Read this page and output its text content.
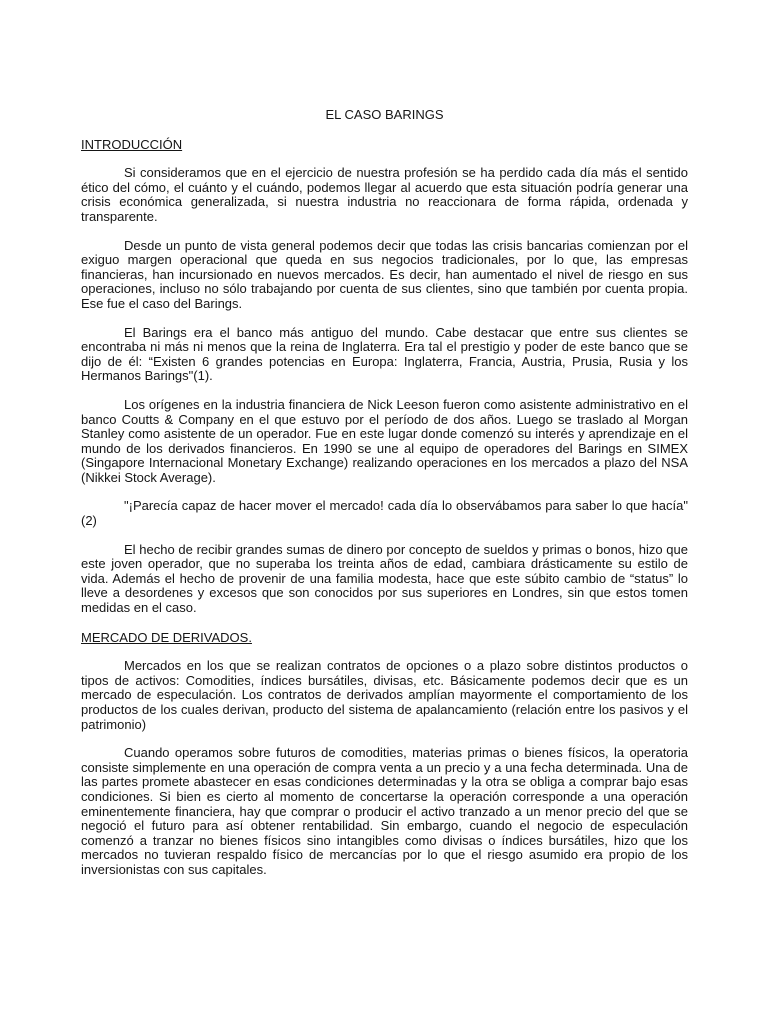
EL CASO BARINGS
INTRODUCCIÓN

Si consideramos que en el ejercicio de nuestra profesión se ha perdido cada día más el sentido ético del cómo, el cuánto y el cuándo, podemos llegar al acuerdo que esta situación podría generar una crisis económica generalizada, si nuestra industria no reaccionara de forma rápida, ordenada y transparente.

Desde un punto de vista general podemos decir que todas las crisis bancarias comienzan por el exiguo margen operacional que queda en sus negocios tradicionales, por lo que, las empresas financieras, han incursionado en nuevos mercados. Es decir, han aumentado el nivel de riesgo en sus operaciones, incluso no sólo trabajando por cuenta de sus clientes, sino que también por cuenta propia. Ese fue el caso del Barings.

El Barings era el banco más antiguo del mundo. Cabe destacar que entre sus clientes se encontraba ni más ni menos que la reina de Inglaterra. Era tal el prestigio y poder de este banco que se dijo de él: “Existen 6 grandes potencias en Europa: Inglaterra, Francia, Austria, Prusia, Rusia y los Hermanos Barings"(1).

Los orígenes en la industria financiera de Nick Leeson fueron como asistente administrativo en el banco Coutts & Company en el que estuvo por el período de dos años. Luego se traslado al Morgan Stanley como asistente de un operador. Fue en este lugar donde comenzó su interés y aprendizaje en el mundo de los derivados financieros. En 1990 se une al equipo de operadores del Barings en SIMEX (Singapore Internacional Monetary Exchange) realizando operaciones en los mercados a plazo del NSA (Nikkei Stock Average).

"¡Parecía capaz de hacer mover el mercado! cada día lo observábamos para saber lo que hacía" (2)

El hecho de recibir grandes sumas de dinero por concepto de sueldos y primas o bonos, hizo que este joven operador, que no superaba los treinta años de edad, cambiara drásticamente su estilo de vida. Además el hecho de provenir de una familia modesta, hace que este súbito cambio de “status” lo lleve a desordenes y excesos que son conocidos por sus superiores en Londres, sin que estos tomen medidas en el caso.

MERCADO DE DERIVADOS.

Mercados en los que se realizan contratos de opciones o a plazo sobre distintos productos o tipos de activos: Comodities, índices bursátiles, divisas, etc. Básicamente podemos decir que es un mercado de especulación. Los contratos de derivados amplían mayormente el comportamiento de los productos de los cuales derivan, producto del sistema de apalancamiento (relación entre los pasivos y el patrimonio)

Cuando operamos sobre futuros de comodities, materias primas o bienes físicos, la operatoria consiste simplemente en una operación de compra venta a un precio y a una fecha determinada. Una de las partes promete abastecer en esas condiciones determinadas y la otra se obliga a comprar bajo esas condiciones. Si bien es cierto al momento de concertarse la operación corresponde a una operación eminentemente financiera, hay que comprar o producir el activo tranzado a un menor precio del que se negoció el futuro para así obtener rentabilidad. Sin embargo, cuando el negocio de especulación comenzó a tranzar no bienes físicos sino intangibles como divisas o índices bursátiles, hizo que los mercados no tuvieran respaldo físico de mercancías por lo que el riesgo asumido era propio de los inversionistas con sus capitales.
